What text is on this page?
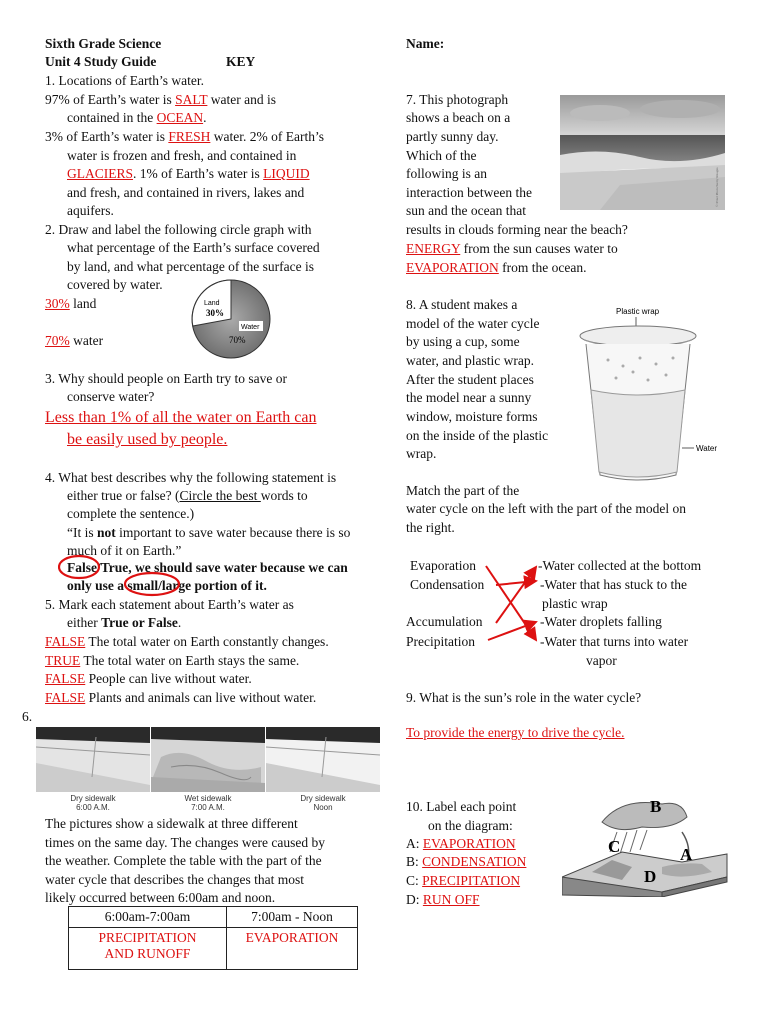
Sixth Grade Science
Unit 4 Study Guide	KEY
1. Locations of Earth’s water.
97% of Earth’s water is SALT water and is
contained in the OCEAN.
3% of Earth’s water is FRESH water. 2% of Earth’s
water is frozen and fresh, and contained in
GLACIERS. 1% of Earth’s water is LIQUID
and fresh, and contained in rivers, lakes and
aquifers.
2. Draw and label the following circle graph with
what percentage of the Earth’s surface covered
by land, and what percentage of the surface is
covered by water.
30% land
70% water
Land
30%
Water
70%
3. Why should people on Earth try to save or
conserve water?
Less than 1% of all the water on Earth can
be easily used by people.
4. What best describes why the following statement is
either true or false? (Circle the best words to
complete the sentence.)
“It is not important to save water because there is so
much of it on Earth.”
False/True, we should save water because we can
only use a small/large portion of it.
5. Mark each statement about Earth’s water as
either True or False.
FALSE The total water on Earth constantly changes.
TRUE The total water on Earth stays the same.
FALSE People can live without water.
FALSE Plants and animals can live without water.
6.
Dry sidewalk
6:00 A.M.
Wet sidewalk
7:00 A.M.
Dry sidewalk
Noon
The pictures show a sidewalk at three different
times on the same day. The changes were caused by
the weather. Complete the table with the part of the
water cycle that describes the changes that most
likely occurred between 6:00am and noon.
6:00am-7:00am	7:00am - Noon

PRECIPITATION
AND RUNOFF	EVAPORATION
Name:
7. This photograph
shows a beach on a
partly sunny day.
Which of the
following is an
interaction between the
sun and the ocean that
results in clouds forming near the beach?
ENERGY from the sun causes water to
EVAPORATION from the ocean.
© Pixel Photo/Getty Images
8. A student makes a
model of the water cycle
by using a cup, some
water, and plastic wrap.
After the student places
the model near a sunny
window, moisture forms
on the inside of the plastic
wrap.
Plastic wrap
Water
Match the part of the
water cycle on the left with the part of the model on
the right.
Evaporation
Condensation
Accumulation
Precipitation
-Water collected at the bottom
-Water that has stuck to the
plastic wrap
-Water droplets falling
-Water that turns into water
vapor
9. What is the sun’s role in the water cycle?
To provide the energy to drive the cycle.
10. Label each point
on the diagram:
A: EVAPORATION
B: CONDENSATION
C: PRECIPITATION
D: RUN OFF
B
C	A
D
